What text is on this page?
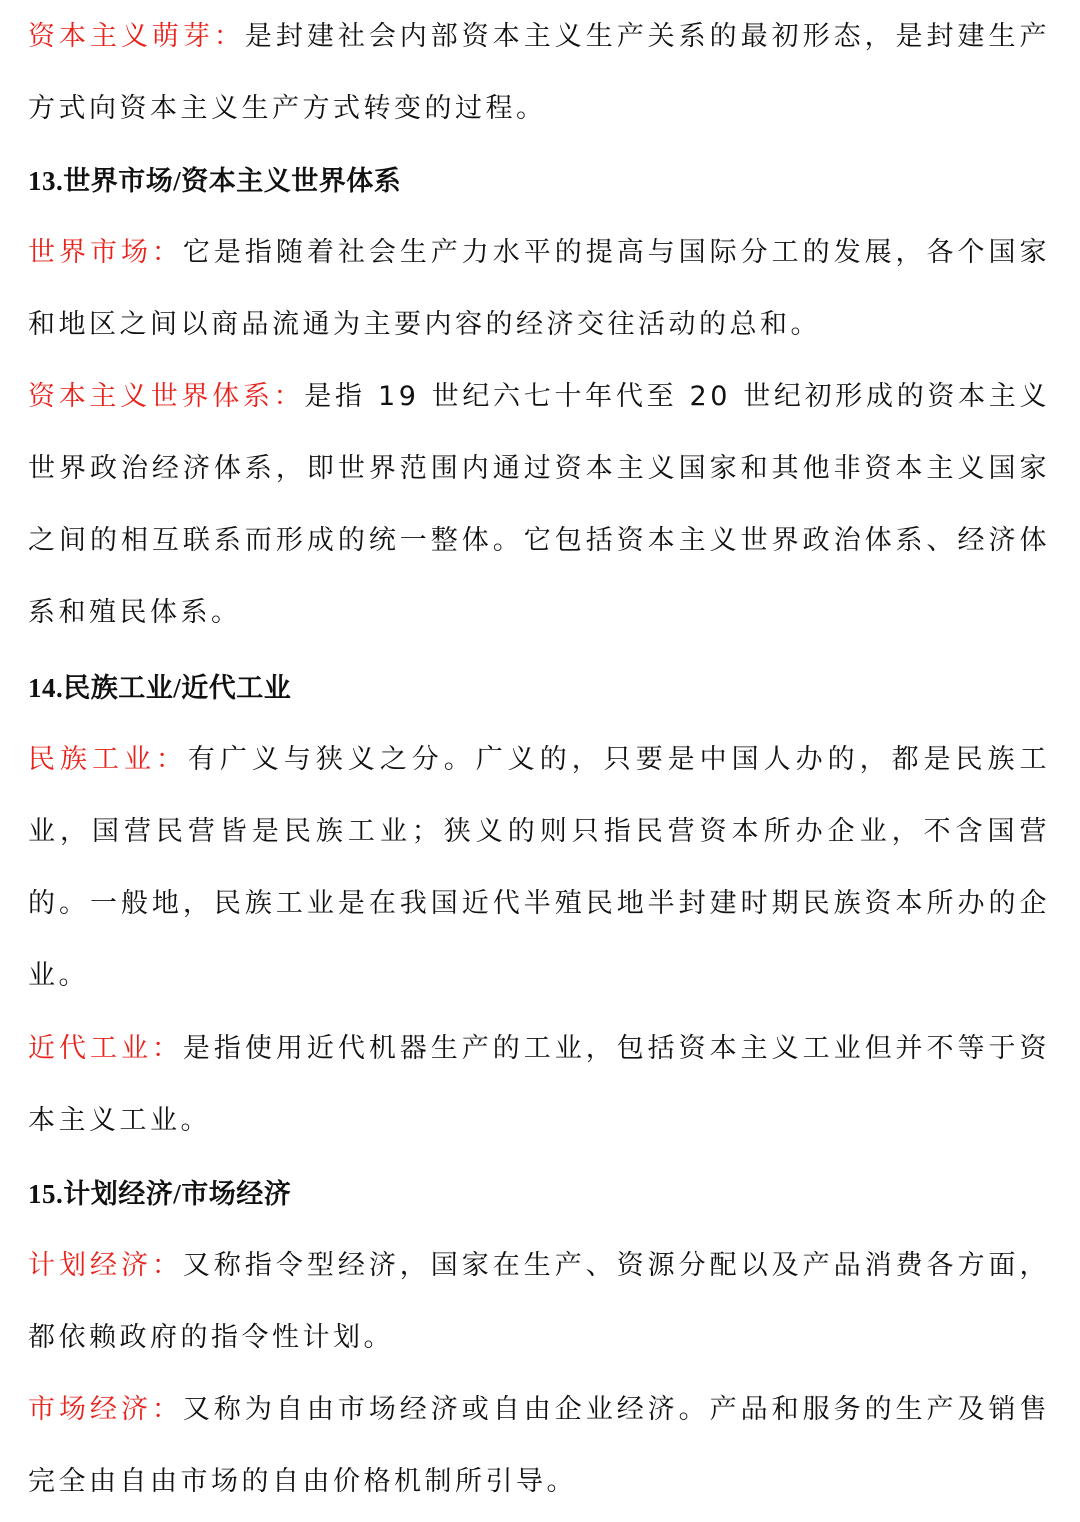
资本主义萌芽：是封建社会内部资本主义生产关系的最初形态，是封建生产方式向资本主义生产方式转变的过程。

13.世界市场/资本主义世界体系

世界市场：它是指随着社会生产力水平的提高与国际分工的发展，各个国家和地区之间以商品流通为主要内容的经济交往活动的总和。

资本主义世界体系：是指 19 世纪六七十年代至 20 世纪初形成的资本主义世界政治经济体系，即世界范围内通过资本主义国家和其他非资本主义国家之间的相互联系而形成的统一整体。它包括资本主义世界政治体系、经济体系和殖民体系。

14.民族工业/近代工业

民族工业：有广义与狭义之分。广义的，只要是中国人办的，都是民族工业，国营民营皆是民族工业；狭义的则只指民营资本所办企业，不含国营的。一般地，民族工业是在我国近代半殖民地半封建时期民族资本所办的企业。

近代工业：是指使用近代机器生产的工业，包括资本主义工业但并不等于资本主义工业。

15.计划经济/市场经济

计划经济：又称指令型经济，国家在生产、资源分配以及产品消费各方面，都依赖政府的指令性计划。

市场经济：又称为自由市场经济或自由企业经济。产品和服务的生产及销售完全由自由市场的自由价格机制所引导。
